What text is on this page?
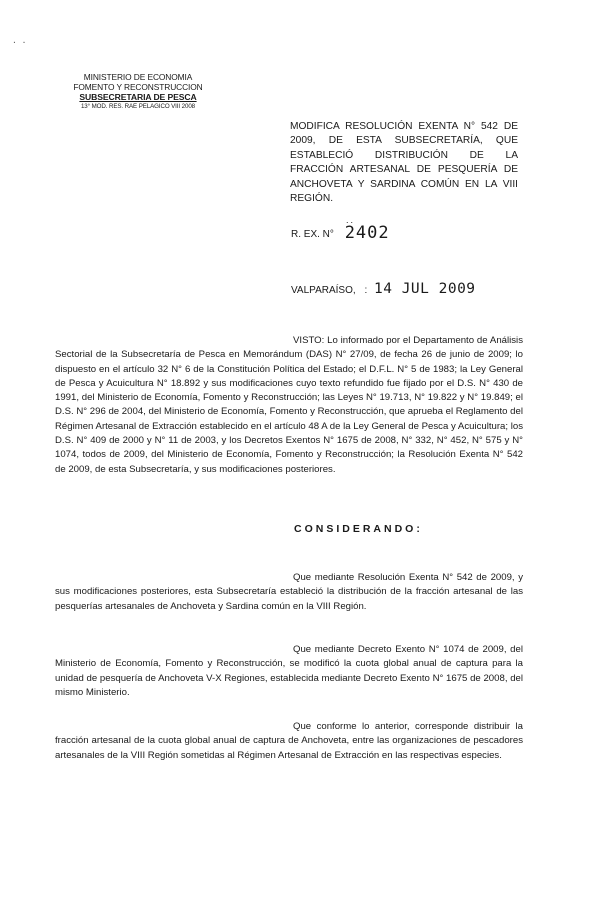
· ·
MINISTERIO DE ECONOMIA
FOMENTO Y RECONSTRUCCION
SUBSECRETARIA DE PESCA
13° MOD. RES. RAE PELAGICO VIII 2008
MODIFICA RESOLUCIÓN EXENTA N° 542 DE
2009, DE ESTA SUBSECRETARÍA, QUE
ESTABLECIÓ DISTRIBUCIÓN DE LA
FRACCIÓN ARTESANAL DE PESQUERÍA DE
ANCHOVETA Y SARDINA COMÚN EN LA VIII
REGIÓN.
..
R. EX. N° 2402
VALPARAÍSO, : 14 JUL 2009
VISTO: Lo informado por el Departamento de Análisis Sectorial de la Subsecretaría de Pesca en Memorándum (DAS) N° 27/09, de fecha 26 de junio de 2009; lo dispuesto en el artículo 32 N° 6 de la Constitución Política del Estado; el D.F.L. N° 5 de 1983; la Ley General de Pesca y Acuicultura N° 18.892 y sus modificaciones cuyo texto refundido fue fijado por el D.S. N° 430 de 1991, del Ministerio de Economía, Fomento y Reconstrucción; las Leyes N° 19.713, N° 19.822 y N° 19.849; el D.S. N° 296 de 2004, del Ministerio de Economía, Fomento y Reconstrucción, que aprueba el Reglamento del Régimen Artesanal de Extracción establecido en el artículo 48 A de la Ley General de Pesca y Acuicultura; los D.S. N° 409 de 2000 y N° 11 de 2003, y los Decretos Exentos N° 1675 de 2008, N° 332, N° 452, N° 575 y N° 1074, todos de 2009, del Ministerio de Economía, Fomento y Reconstrucción; la Resolución Exenta N° 542 de 2009, de esta Subsecretaría, y sus modificaciones posteriores.
CONSIDERANDO:
Que mediante Resolución Exenta N° 542 de 2009, y sus modificaciones posteriores, esta Subsecretaría estableció la distribución de la fracción artesanal de las pesquerías artesanales de Anchoveta y Sardina común en la VIII Región.
Que mediante Decreto Exento N° 1074 de 2009, del Ministerio de Economía, Fomento y Reconstrucción, se modificó la cuota global anual de captura para la unidad de pesquería de Anchoveta V-X Regiones, establecida mediante Decreto Exento N° 1675 de 2008, del mismo Ministerio.
Que conforme lo anterior, corresponde distribuir la fracción artesanal de la cuota global anual de captura de Anchoveta, entre las organizaciones de pescadores artesanales de la VIII Región sometidas al Régimen Artesanal de Extracción en las respectivas especies.
